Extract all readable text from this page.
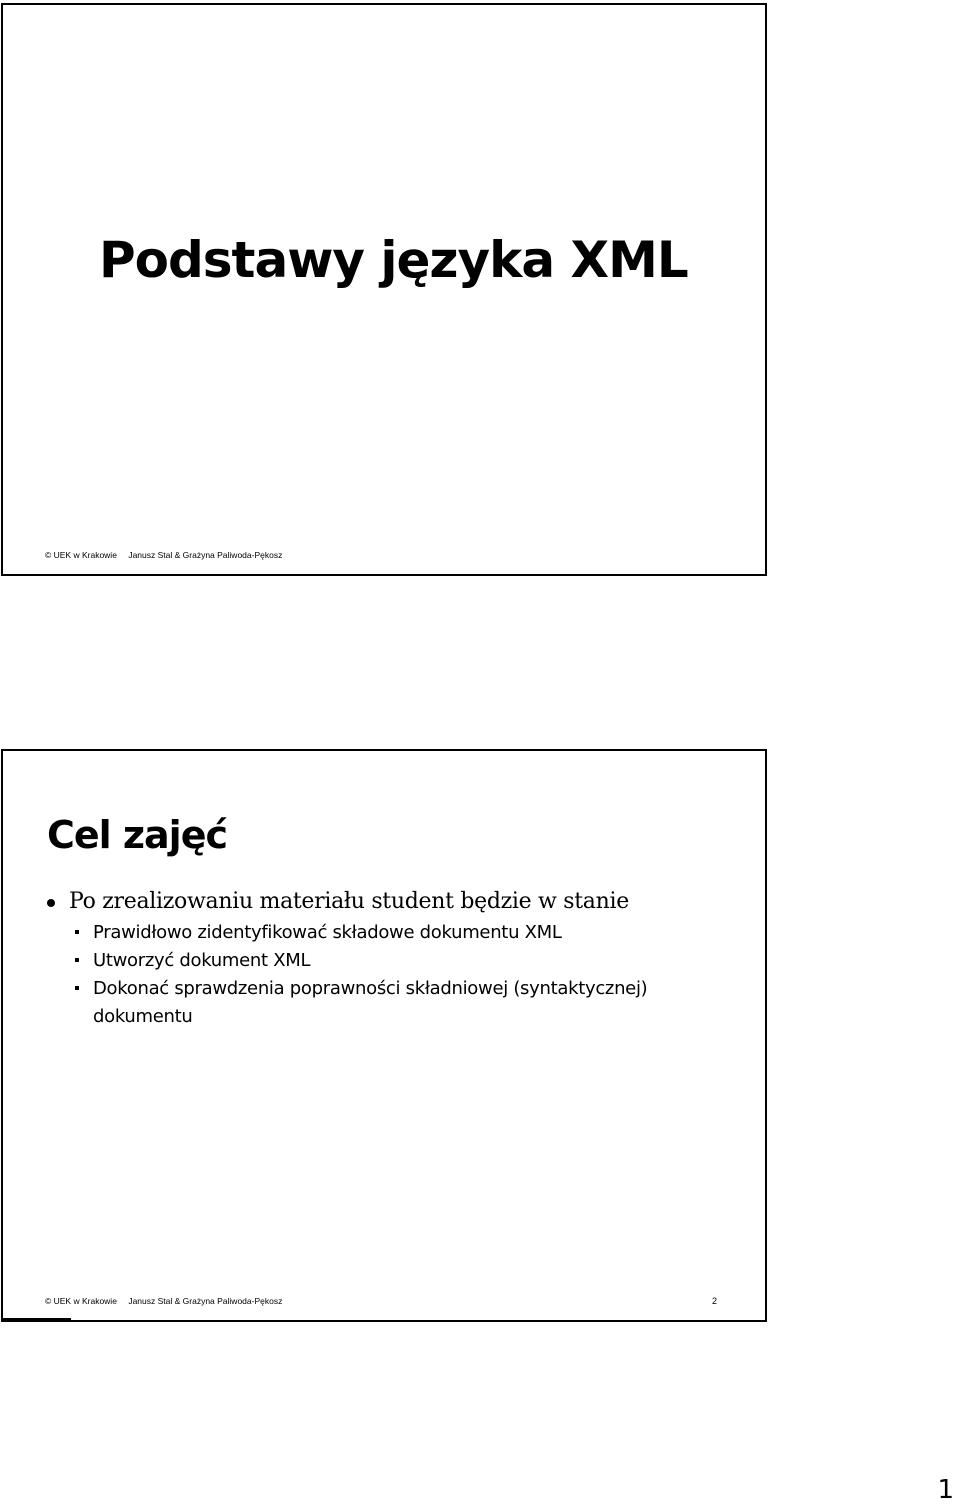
Podstawy języka XML
© UEK w Krakowie Janusz Stal & Grażyna Paliwoda-Pękosz
Cel zajęć
Po zrealizowaniu materiału student będzie w stanie
Prawidłowo zidentyfikować składowe dokumentu XML
Utworzyć dokument XML
Dokonać sprawdzenia poprawności składniowej (syntaktycznej) dokumentu
© UEK w Krakowie Janusz Stal & Grażyna Paliwoda-Pękosz	2
1
